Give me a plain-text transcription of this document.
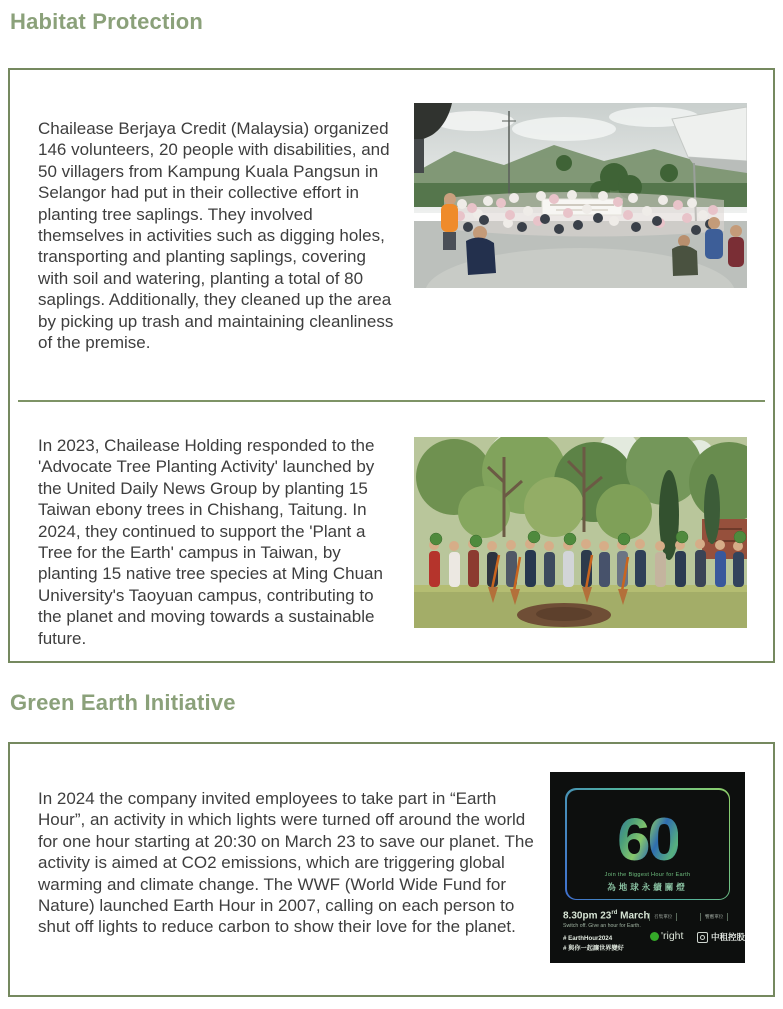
Habitat Protection

Chailease Berjaya Credit (Malaysia) organized 146 volunteers, 20 people with disabilities, and 50 villagers from Kampung Kuala Pangsun in Selangor had put in their collective effort in planting tree saplings. They involved themselves in activities such as digging holes, transporting and planting saplings, covering with soil and watering, planting a total of 80 saplings. Additionally, they cleaned up the area by picking up trash and maintaining cleanliness of the premise.

In 2023, Chailease Holding responded to the 'Advocate Tree Planting Activity' launched by the United Daily News Group by planting 15 Taiwan ebony trees in Chishang, Taitung. In 2024, they continued to support the 'Plant a Tree for the Earth' campus in Taiwan, by planting 15 native tree species at Ming Chuan University's Taoyuan campus, contributing to the planet and moving towards a sustainable future.

Green Earth Initiative

In 2024 the company invited employees to take part in “Earth Hour”, an activity in which lights were turned off around the world for one hour starting at 20:30 on March 23 to save our planet. The activity is aimed at CO2 emissions, which are triggering global warming and climate change. The WWF (World Wide Fund for Nature) launched Earth Hour in 2007, calling on each person to shut off lights to reduce carbon to show their love for the planet.

60
Join the Biggest Hour for Earth
為地球永續關燈
8.30pm 23rd March
Switch off. Give an hour for Earth.
# EarthHour2024
# 與你一起讓世界變好
召集單位	響應單位
'right	中租控股
